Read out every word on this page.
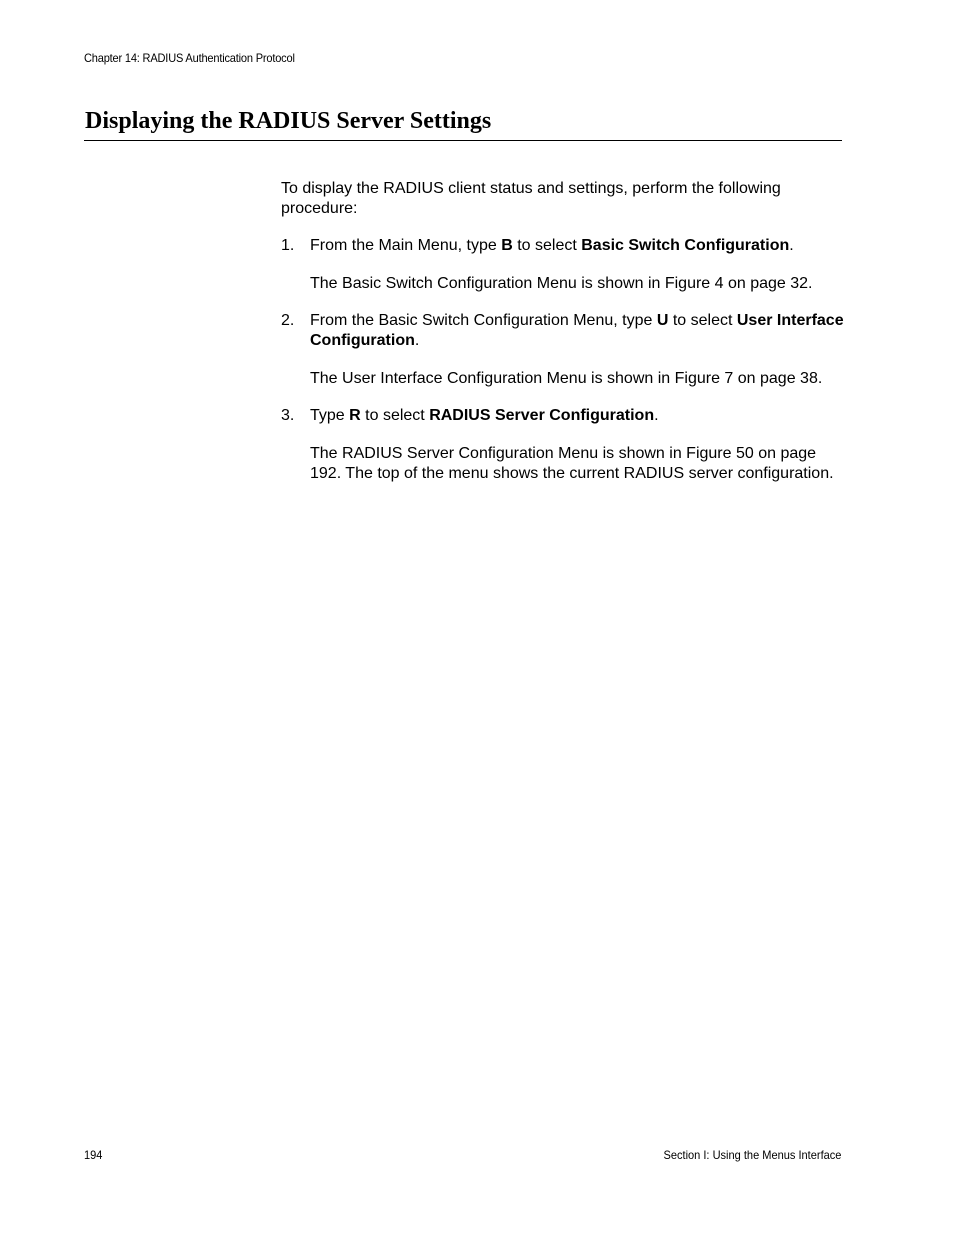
Chapter 14: RADIUS Authentication Protocol
Displaying the RADIUS Server Settings

To display the RADIUS client status and settings, perform the following procedure:

1. From the Main Menu, type B to select Basic Switch Configuration.

The Basic Switch Configuration Menu is shown in Figure 4 on page 32.

2. From the Basic Switch Configuration Menu, type U to select User Interface Configuration.

The User Interface Configuration Menu is shown in Figure 7 on page 38.

3. Type R to select RADIUS Server Configuration.

The RADIUS Server Configuration Menu is shown in Figure 50 on page 192. The top of the menu shows the current RADIUS server configuration.

194	Section I: Using the Menus Interface
